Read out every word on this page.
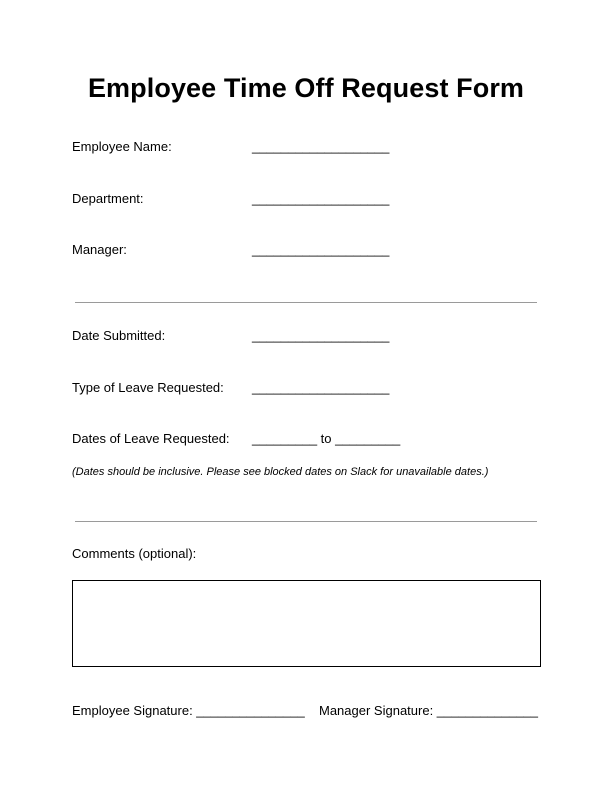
Employee Time Off Request Form
Employee Name:	___________________
Department:	___________________
Manager:	___________________
Date Submitted:	___________________
Type of Leave Requested: ___________________
Dates of Leave Requested: _________ to _________
(Dates should be inclusive. Please see blocked dates on Slack for unavailable dates.)
Comments (optional):
Employee Signature: _______________ Manager Signature: ______________
